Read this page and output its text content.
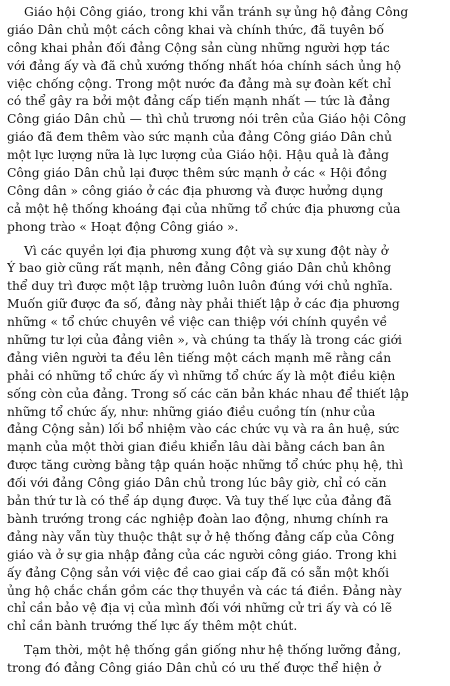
Giáo hội Công giáo, trong khi vẫn tránh sự ủng hộ đảng Công
giáo Dân chủ một cách công khai và chính thức, đã tuyên bố
công khai phản đối đảng Cộng sản cùng những người hợp tác
với đảng ấy và đã chủ xướng thống nhất hóa chính sách ủng hộ
việc chống cộng. Trong một nước đa đảng mà sự đoàn kết chỉ
có thể gây ra bởi một đảng cấp tiến mạnh nhất — tức là đảng
Công giáo Dân chủ — thì chủ trương nói trên của Giáo hội Công
giáo đã đem thêm vào sức mạnh của đảng Công giáo Dân chủ
một lực lượng nữa là lực lượng của Giáo hội. Hậu quả là đảng
Công giáo Dân chủ lại được thêm sức mạnh ở các « Hội đồng
Công dân » công giáo ở các địa phương và được hưởng dụng
cả một hệ thống khoáng đại của những tổ chức địa phương của
phong trào « Hoạt động Công giáo ».
Vì các quyền lợi địa phương xung đột và sự xung đột này ở
Ý bao giờ cũng rất mạnh, nên đảng Công giáo Dân chủ không
thể duy trì được một lập trường luôn luôn đúng với chủ nghĩa.
Muốn giữ được đa số, đảng này phải thiết lập ở các địa phương
những « tổ chức chuyên về việc can thiệp với chính quyền về
những tư lợi của đảng viên », và chúng ta thấy là trong các giới
đảng viên người ta đều lên tiếng một cách mạnh mẽ rằng cần
phải có những tổ chức ấy vì những tổ chức ấy là một điều kiện
sống còn của đảng. Trong số các căn bản khác nhau để thiết lập
những tổ chức ấy, như: những giáo điều cuồng tín (như của
đảng Cộng sản) lối bổ nhiệm vào các chức vụ và ra ân huệ, sức
mạnh của một thời gian điều khiển lâu dài bằng cách ban ân
được tăng cường bằng tập quán hoặc những tổ chức phụ hệ, thì
đối với đảng Công giáo Dân chủ trong lúc bây giờ, chỉ có căn
bản thứ tư là có thể áp dụng được. Và tuy thế lực của đảng đã
bành trướng trong các nghiệp đoàn lao động, nhưng chính ra
đảng này vẫn tùy thuộc thật sự ở hệ thống đảng cấp của Công
giáo và ở sự gia nhập đảng của các người công giáo. Trong khi
ấy đảng Cộng sản với việc đề cao giai cấp đã có sẵn một khối
ủng hộ chắc chắn gồm các thợ thuyền và các tá điền. Đảng này
chỉ cần bảo vệ địa vị của mình đối với những cử tri ấy và có lẽ
chỉ cần bành trướng thế lực ấy thêm một chút.
Tạm thời, một hệ thống gần giống như hệ thống lưỡng đảng,
trong đó đảng Công giáo Dân chủ có ưu thế được thể hiện ở
